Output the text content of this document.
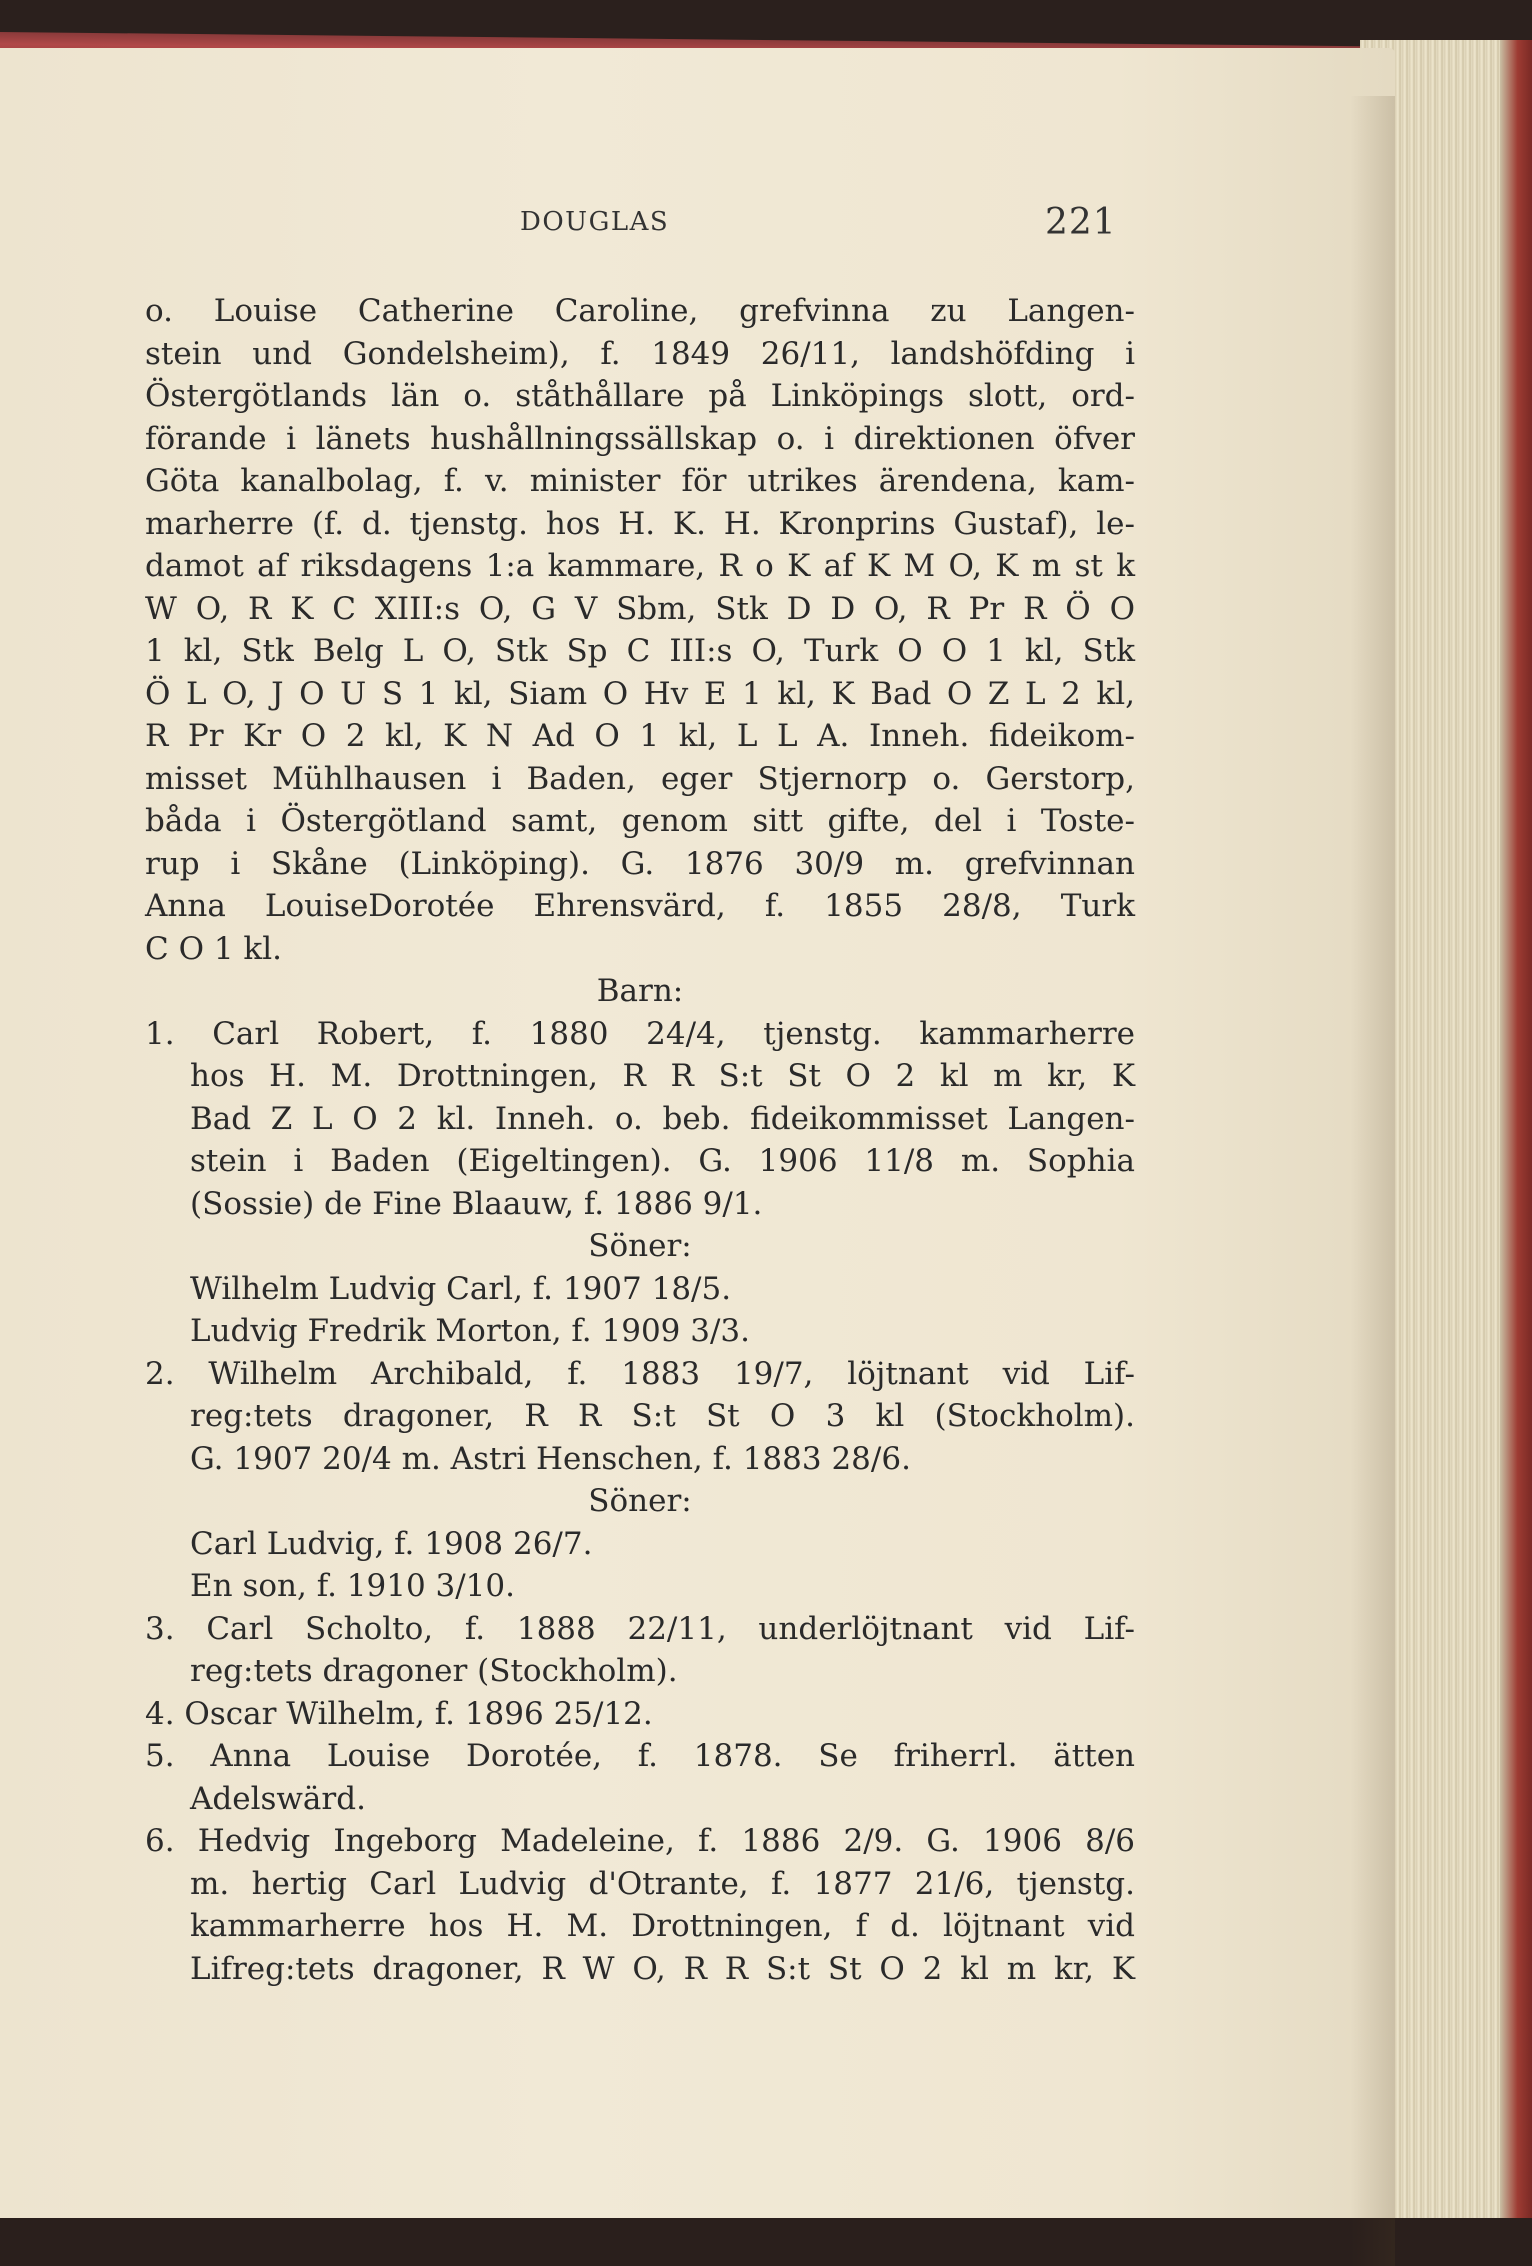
DOUGLAS	221
o. Louise Catherine Caroline, grefvinna zu Langen-
stein und Gondelsheim), f. 1849 26/11, landshöfding i
Östergötlands län o. ståthållare på Linköpings slott, ord-
förande i länets hushållningssällskap o. i direktionen öfver
Göta kanalbolag, f. v. minister för utrikes ärendena, kam-
marherre (f. d. tjenstg. hos H. K. H. Kronprins Gustaf), le-
damot af riksdagens 1:a kammare, R o K af K M O, K m st k
W O, R K C XIII:s O, G V Sbm, Stk D D O, R Pr R Ö O
1 kl, Stk Belg L O, Stk Sp C III:s O, Turk O O 1 kl, Stk
Ö L O, J O U S 1 kl, Siam O Hv E 1 kl, K Bad O Z L 2 kl,
R Pr Kr O 2 kl, K N Ad O 1 kl, L L A. Inneh. fideikom-
misset Mühlhausen i Baden, eger Stjernorp o. Gerstorp,
båda i Östergötland samt, genom sitt gifte, del i Toste-
rup i Skåne (Linköping). G. 1876 30/9 m. grefvinnan
Anna LouiseDorotée Ehrensvärd, f. 1855 28/8, Turk
C O 1 kl.
Barn:
1. Carl Robert, f. 1880 24/4, tjenstg. kammarherre
hos H. M. Drottningen, R R S:t St O 2 kl m kr, K
Bad Z L O 2 kl. Inneh. o. beb. fideikommisset Langen-
stein i Baden (Eigeltingen). G. 1906 11/8 m. Sophia
(Sossie) de Fine Blaauw, f. 1886 9/1.
Söner:
Wilhelm Ludvig Carl, f. 1907 18/5.
Ludvig Fredrik Morton, f. 1909 3/3.
2. Wilhelm Archibald, f. 1883 19/7, löjtnant vid Lif-
reg:tets dragoner, R R S:t St O 3 kl (Stockholm).
G. 1907 20/4 m. Astri Henschen, f. 1883 28/6.
Söner:
Carl Ludvig, f. 1908 26/7.
En son, f. 1910 3/10.
3. Carl Scholto, f. 1888 22/11, underlöjtnant vid Lif-
reg:tets dragoner (Stockholm).
4. Oscar Wilhelm, f. 1896 25/12.
5. Anna Louise Dorotée, f. 1878. Se friherrl. ätten
Adelswärd.
6. Hedvig Ingeborg Madeleine, f. 1886 2/9. G. 1906 8/6
m. hertig Carl Ludvig d'Otrante, f. 1877 21/6, tjenstg.
kammarherre hos H. M. Drottningen, f d. löjtnant vid
Lifreg:tets dragoner, R W O, R R S:t St O 2 kl m kr, K
